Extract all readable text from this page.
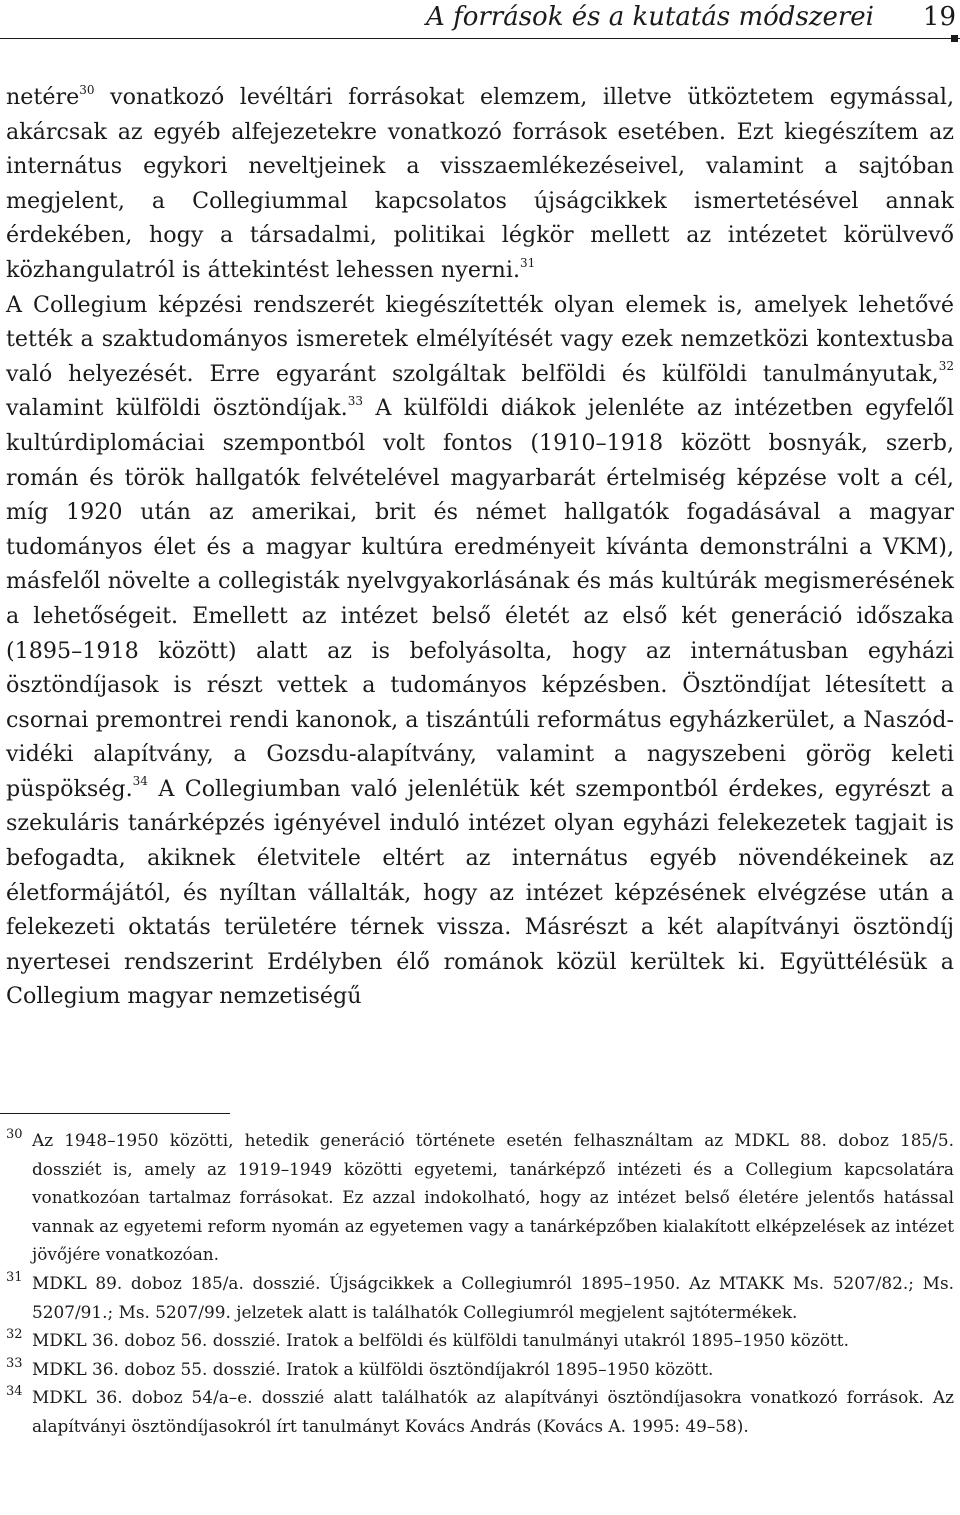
A források és a kutatás módszerei 19

netére$^{30}$ vonatkozó levéltári forrásokat elemzem, illetve ütköztetem egymással, akárcsak az egyéb alfejezetekre vonatkozó források esetében. Ezt kiegészítem az internátus egykori neveltjeinek a visszaemlékezéseivel, valamint a sajtóban megjelent, a Collegiummal kapcsolatos újságcikkek ismertetésével annak érdekében, hogy a társadalmi, politikai légkör mellett az intézetet körülvevő közhangulatról is áttekintést lehessen nyerni.$^{31}$

A Collegium képzési rendszerét kiegészítették olyan elemek is, amelyek lehetővé tették a szaktudományos ismeretek elmélyítését vagy ezek nemzetközi kontextusba való helyezését. Erre egyaránt szolgáltak belföldi és külföldi tanulmányutak,$^{32}$ valamint külföldi ösztöndíjak.$^{33}$ A külföldi diákok jelenléte az intézetben egyfelől kultúrdiplomáciai szempontból volt fontos (1910–1918 között bosnyák, szerb, román és török hallgatók felvételével magyarbarát értelmiség képzése volt a cél, míg 1920 után az amerikai, brit és német hallgatók fogadásával a magyar tudományos élet és a magyar kultúra eredményeit kívánta demonstrálni a VKM), másfelől növelte a collegisták nyelvgyakorlásának és más kultúrák megismerésének a lehetőségeit. Emellett az intézet belső életét az első két generáció időszaka (1895–1918 között) alatt az is befolyásolta, hogy az internátusban egyházi ösztöndíjasok is részt vettek a tudományos képzésben. Ösztöndíjat létesített a csornai premontrei rendi kanonok, a tiszántúli református egyházkerület, a Naszód-vidéki alapítvány, a Gozsdu-alapítvány, valamint a nagyszebeni görög keleti püspökség.$^{34}$ A Collegiumban való jelenlétük két szempontból érdekes, egyrészt a szekuláris tanárképzés igényével induló intézet olyan egyházi felekezetek tagjait is befogadta, akiknek életvitele eltért az internátus egyéb növendékeinek az életformájától, és nyíltan vállalták, hogy az intézet képzésének elvégzése után a felekezeti oktatás területére térnek vissza. Másrészt a két alapítványi ösztöndíj nyertesei rendszerint Erdélyben élő románok közül kerültek ki. Együttélésük a Collegium magyar nemzetiségű

30 Az 1948–1950 közötti, hetedik generáció története esetén felhasználtam az MDKL 88. doboz 185/5. dossziét is, amely az 1919–1949 közötti egyetemi, tanárképző intézeti és a Collegium kapcsolatára vonatkozóan tartalmaz forrásokat. Ez azzal indokolható, hogy az intézet belső életére jelentős hatással vannak az egyetemi reform nyomán az egyetemen vagy a tanárképzőben kialakított elképzelések az intézet jövőjére vonatkozóan.

31 MDKL 89. doboz 185/a. dosszié. Újságcikkek a Collegiumról 1895–1950. Az MTAKK Ms. 5207/82.; Ms. 5207/91.; Ms. 5207/99. jelzetek alatt is találhatók Collegiumról megjelent sajtótermékek.

32 MDKL 36. doboz 56. dosszié. Iratok a belföldi és külföldi tanulmányi utakról 1895–1950 között.

33 MDKL 36. doboz 55. dosszié. Iratok a külföldi ösztöndíjakról 1895–1950 között.

34 MDKL 36. doboz 54/a–e. dosszié alatt találhatók az alapítványi ösztöndíjasokra vonatkozó források. Az alapítványi ösztöndíjasokról írt tanulmányt Kovács András (Kovács A. 1995: 49–58).
